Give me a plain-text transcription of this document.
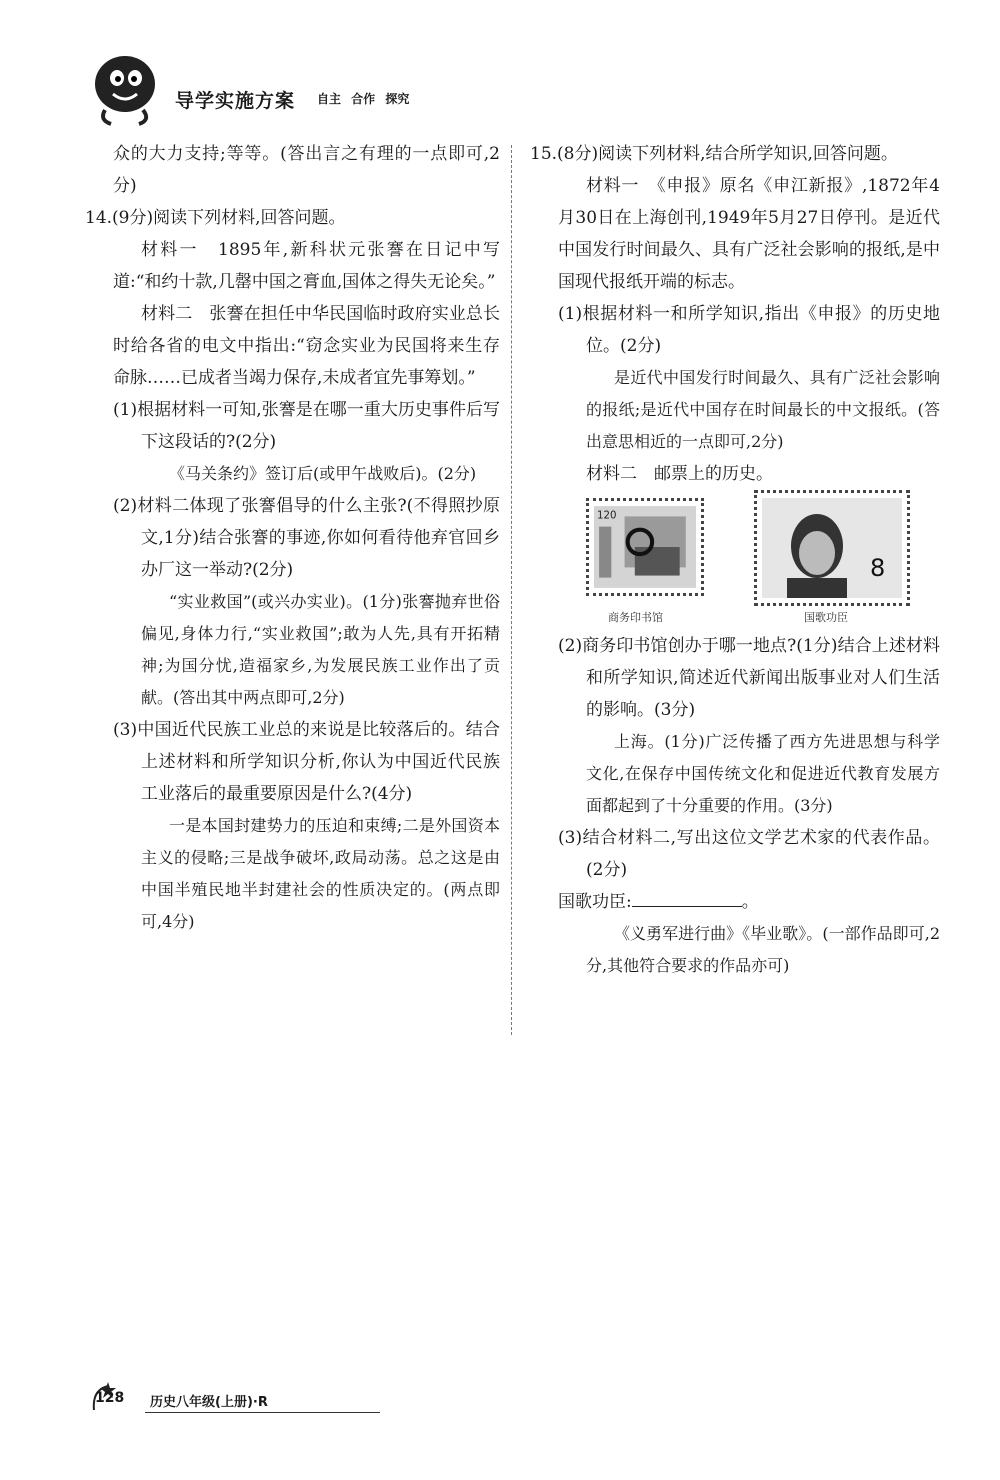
导学实施方案 自主 合作 探究

众的大力支持;等等。(答出言之有理的一点即可,2分)

14.(9分)阅读下列材料,回答问题。

材料一　1895年,新科状元张謇在日记中写道:“和约十款,几罄中国之膏血,国体之得失无论矣。”

材料二　张謇在担任中华民国临时政府实业总长时给各省的电文中指出:“窃念实业为民国将来生存命脉……已成者当竭力保存,未成者宜先事筹划。”

(1)根据材料一可知,张謇是在哪一重大历史事件后写下这段话的?(2分)

《马关条约》签订后(或甲午战败后)。(2分)

(2)材料二体现了张謇倡导的什么主张?(不得照抄原文,1分)结合张謇的事迹,你如何看待他弃官回乡办厂这一举动?(2分)

“实业救国”(或兴办实业)。(1分)张謇抛弃世俗偏见,身体力行,“实业救国”;敢为人先,具有开拓精神;为国分忧,造福家乡,为发展民族工业作出了贡献。(答出其中两点即可,2分)

(3)中国近代民族工业总的来说是比较落后的。结合上述材料和所学知识分析,你认为中国近代民族工业落后的最重要原因是什么?(4分)

一是本国封建势力的压迫和束缚;二是外国资本主义的侵略;三是战争破坏,政局动荡。总之这是由中国半殖民地半封建社会的性质决定的。(两点即可,4分)

15.(8分)阅读下列材料,结合所学知识,回答问题。

材料一　《申报》原名《申江新报》,1872年4月30日在上海创刊,1949年5月27日停刊。是近代中国发行时间最久、具有广泛社会影响的报纸,是中国现代报纸开端的标志。

(1)根据材料一和所学知识,指出《申报》的历史地位。(2分)

是近代中国发行时间最久、具有广泛社会影响的报纸;是近代中国存在时间最长的中文报纸。(答出意思相近的一点即可,2分)

材料二　邮票上的历史。

120
8
商务印书馆	国歌功臣

(2)商务印书馆创办于哪一地点?(1分)结合上述材料和所学知识,简述近代新闻出版事业对人们生活的影响。(3分)

上海。(1分)广泛传播了西方先进思想与科学文化,在保存中国传统文化和促进近代教育发展方面都起到了十分重要的作用。(3分)

(3)结合材料二,写出这位文学艺术家的代表作品。(2分)

国歌功臣:	。

《义勇军进行曲》《毕业歌》。(一部作品即可,2分,其他符合要求的作品亦可)

128 历史八年级(上册)·R
